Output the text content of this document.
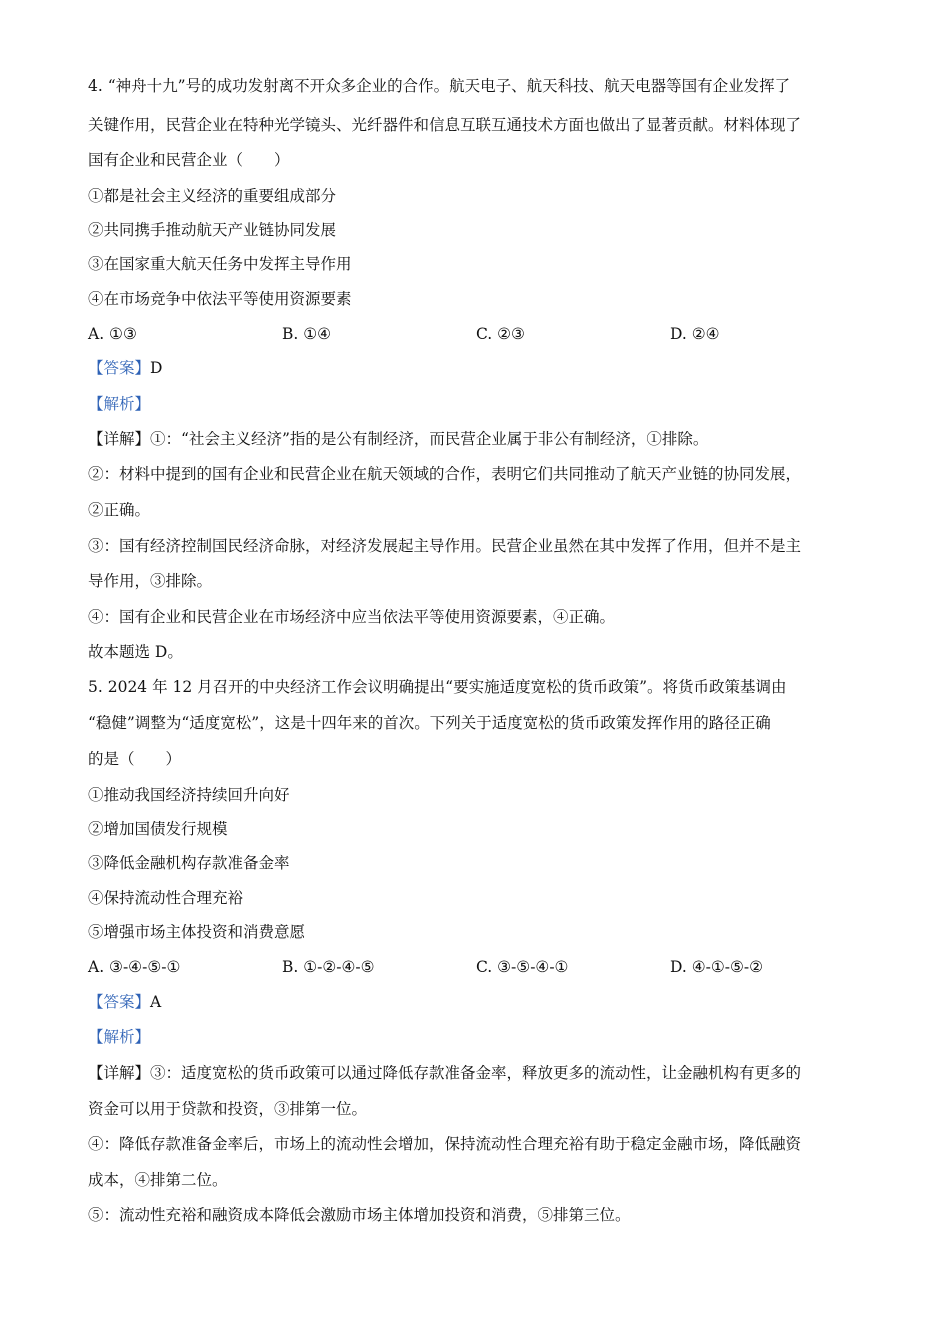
4. “神舟十九”号的成功发射离不开众多企业的合作。航天电子、航天科技、航天电器等国有企业发挥了
关键作用，民营企业在特种光学镜头、光纤器件和信息互联互通技术方面也做出了显著贡献。材料体现了
国有企业和民营企业（　　）
①都是社会主义经济的重要组成部分
②共同携手推动航天产业链协同发展
③在国家重大航天任务中发挥主导作用
④在市场竞争中依法平等使用资源要素
A. ①③	B. ①④	C. ②③	D. ②④
【答案】D
【解析】
【详解】①：“社会主义经济”指的是公有制经济，而民营企业属于非公有制经济，①排除。
②：材料中提到的国有企业和民营企业在航天领域的合作，表明它们共同推动了航天产业链的协同发展，
②正确。
③：国有经济控制国民经济命脉，对经济发展起主导作用。民营企业虽然在其中发挥了作用，但并不是主
导作用，③排除。
④：国有企业和民营企业在市场经济中应当依法平等使用资源要素，④正确。
故本题选 D。
5. 2024 年 12 月召开的中央经济工作会议明确提出“要实施适度宽松的货币政策”。将货币政策基调由
“稳健”调整为“适度宽松”，这是十四年来的首次。下列关于适度宽松的货币政策发挥作用的路径正确
的是（　　）
①推动我国经济持续回升向好
②增加国债发行规模
③降低金融机构存款准备金率
④保持流动性合理充裕
⑤增强市场主体投资和消费意愿
A. ③-④-⑤-①	B. ①-②-④-⑤	C. ③-⑤-④-①	D. ④-①-⑤-②
【答案】A
【解析】
【详解】③：适度宽松的货币政策可以通过降低存款准备金率，释放更多的流动性，让金融机构有更多的
资金可以用于贷款和投资，③排第一位。
④：降低存款准备金率后，市场上的流动性会增加，保持流动性合理充裕有助于稳定金融市场，降低融资
成本，④排第二位。
⑤：流动性充裕和融资成本降低会激励市场主体增加投资和消费，⑤排第三位。
